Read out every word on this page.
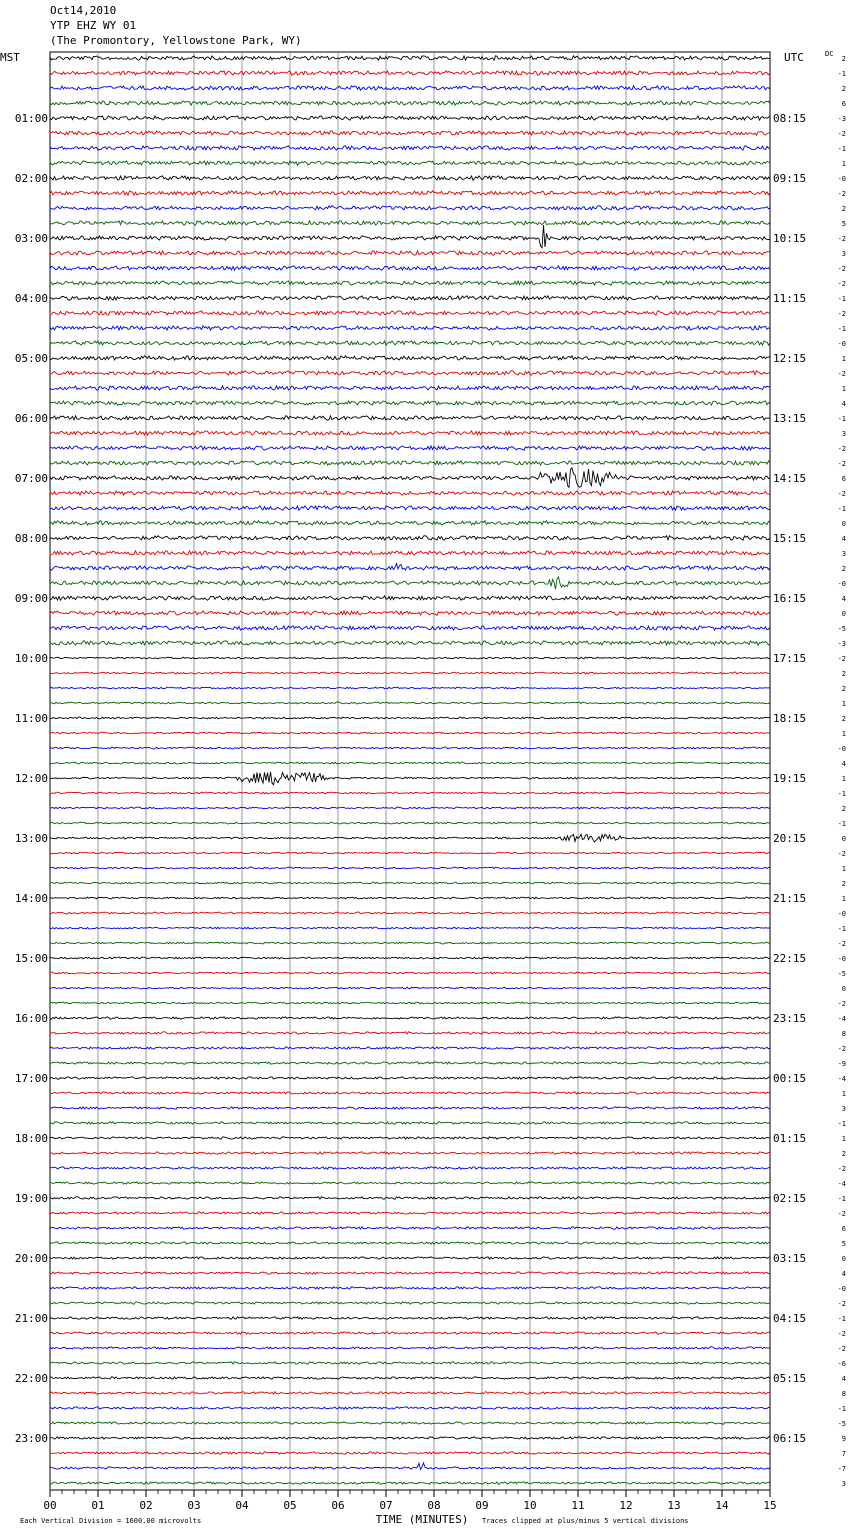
Oct14,2010
YTP EHZ WY 01
(The Promontory, Yellowstone Park, WY)
2
-1
2
6
-3
-2
-1
1
-0
-2
2
5
-2
3
-2
-2
-1
-2
-1
-0
1
-2
1
4
-1
3
-2
-2
6
-2
-1
0
4
3
2
-0
4
0
-5
-3
-2
2
2
1
2
1
-0
4
1
-1
2
-1
0
-2
1
2
1
-0
-1
-2
-0
-5
0
-2
-4
8
-2
-9
-4
1
3
-1
1
2
-2
-4
-1
-2
6
5
0
4
-0
-2
-1
-2
-2
-6
4
8
-1
-5
9
7
-7
3
MST	UTC	DC
01:00
02:00
03:00
04:00
05:00
06:00
07:00
08:00
09:00
10:00
11:00
12:00
13:00
14:00
15:00
16:00
17:00
18:00
19:00
20:00
21:00
22:00
23:00
08:15
09:15
10:15
11:15
12:15
13:15
14:15
15:15
16:15
17:15
18:15
19:15
20:15
21:15
22:15
23:15
00:15
01:15
02:15
03:15
04:15
05:15
06:15
00	01	02	03	04	05	06	07	08	09	10	11	12	13	14	15
TIME (MINUTES)
Each Vertical Division = 1600.00 microvolts	Traces clipped at plus/minus 5 vertical divisions
